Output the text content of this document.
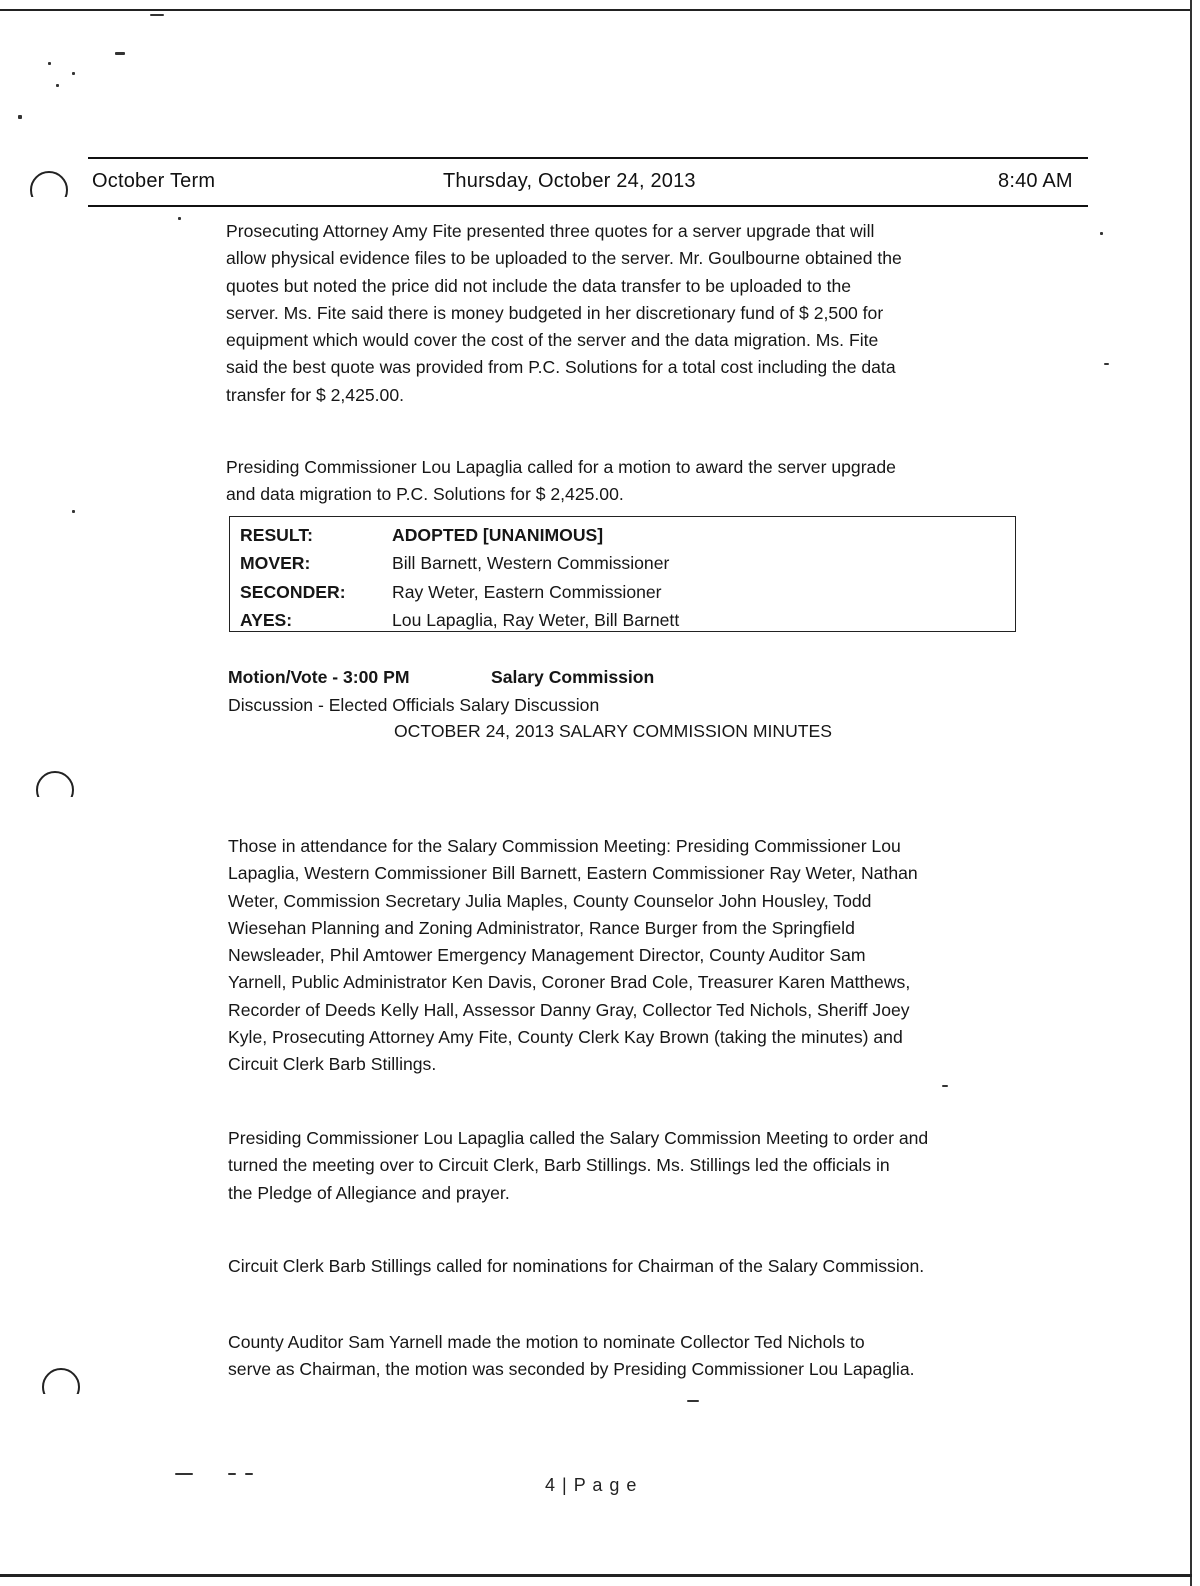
October Term	Thursday, October 24, 2013	8:40 AM
Prosecuting Attorney Amy Fite presented three quotes for a server upgrade that will
allow physical evidence files to be uploaded to the server. Mr. Goulbourne obtained the
quotes but noted the price did not include the data transfer to be uploaded to the
server. Ms. Fite said there is money budgeted in her discretionary fund of $ 2,500 for
equipment which would cover the cost of the server and the data migration. Ms. Fite
said the best quote was provided from P.C. Solutions for a total cost including the data
transfer for $ 2,425.00.
Presiding Commissioner Lou Lapaglia called for a motion to award the server upgrade
and data migration to P.C. Solutions for $ 2,425.00.
RESULT:	ADOPTED [UNANIMOUS]
MOVER:	Bill Barnett, Western Commissioner
SECONDER:	Ray Weter, Eastern Commissioner
AYES:	Lou Lapaglia, Ray Weter, Bill Barnett
Motion/Vote - 3:00 PM	Salary Commission
Discussion - Elected Officials Salary Discussion
OCTOBER 24, 2013 SALARY COMMISSION MINUTES
Those in attendance for the Salary Commission Meeting: Presiding Commissioner Lou
Lapaglia, Western Commissioner Bill Barnett, Eastern Commissioner Ray Weter, Nathan
Weter, Commission Secretary Julia Maples, County Counselor John Housley, Todd
Wiesehan Planning and Zoning Administrator, Rance Burger from the Springfield
Newsleader, Phil Amtower Emergency Management Director, County Auditor Sam
Yarnell, Public Administrator Ken Davis, Coroner Brad Cole, Treasurer Karen Matthews,
Recorder of Deeds Kelly Hall, Assessor Danny Gray, Collector Ted Nichols, Sheriff Joey
Kyle, Prosecuting Attorney Amy Fite, County Clerk Kay Brown (taking the minutes) and
Circuit Clerk Barb Stillings.
Presiding Commissioner Lou Lapaglia called the Salary Commission Meeting to order and
turned the meeting over to Circuit Clerk, Barb Stillings. Ms. Stillings led the officials in
the Pledge of Allegiance and prayer.
Circuit Clerk Barb Stillings called for nominations for Chairman of the Salary Commission.
County Auditor Sam Yarnell made the motion to nominate Collector Ted Nichols to
serve as Chairman, the motion was seconded by Presiding Commissioner Lou Lapaglia.
4 | P a g e
